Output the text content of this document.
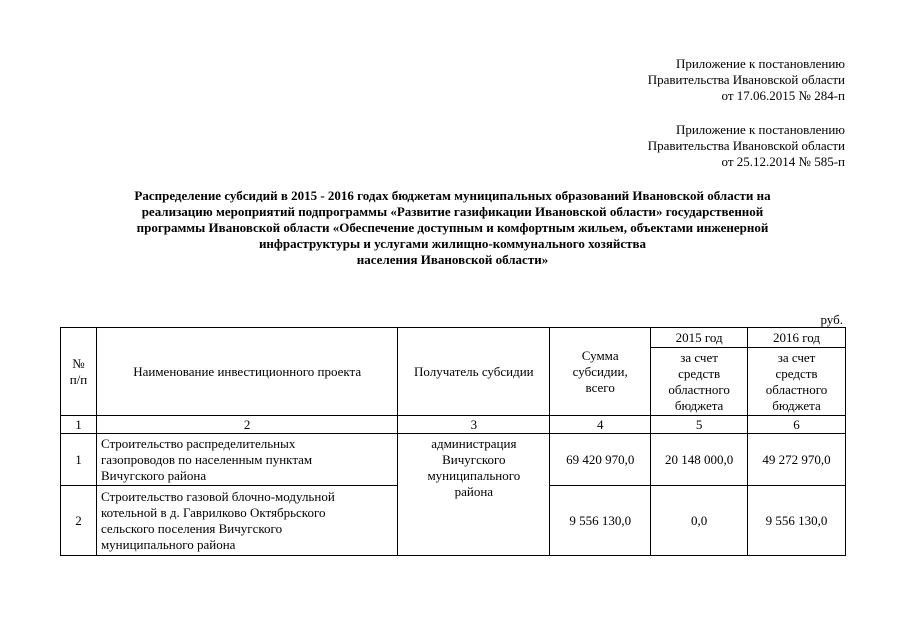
Приложение к постановлению
Правительства Ивановской области
от 17.06.2015 № 284-п
Приложение к постановлению
Правительства Ивановской области
от 25.12.2014 № 585-п
Распределение субсидий в 2015 - 2016 годах бюджетам муниципальных образований Ивановской области на
реализацию мероприятий подпрограммы «Развитие газификации Ивановской области» государственной
программы Ивановской области «Обеспечение доступным и комфортным жильем, объектами инженерной
инфраструктуры и услугами жилищно-коммунального хозяйства
населения Ивановской области»
руб.
№
п/п	Наименование инвестиционного проекта	Получатель субсидии	Сумма
субсидии,
всего	2015 год	2016 год

				за счет
средств
областного
бюджета	за счет
средств
областного
бюджета

1	2	3	4	5	6
1	Строительство распределительных
газопроводов по населенным пунктам
Вичугского района	администрация
Вичугского
муниципального
района	69 420 970,0	20 148 000,0	49 272 970,0
2	Строительство газовой блочно-модульной
котельной в д. Гаврилково Октябрьского
сельского поселения Вичугского
муниципального района		9 556 130,0	0,0	9 556 130,0
